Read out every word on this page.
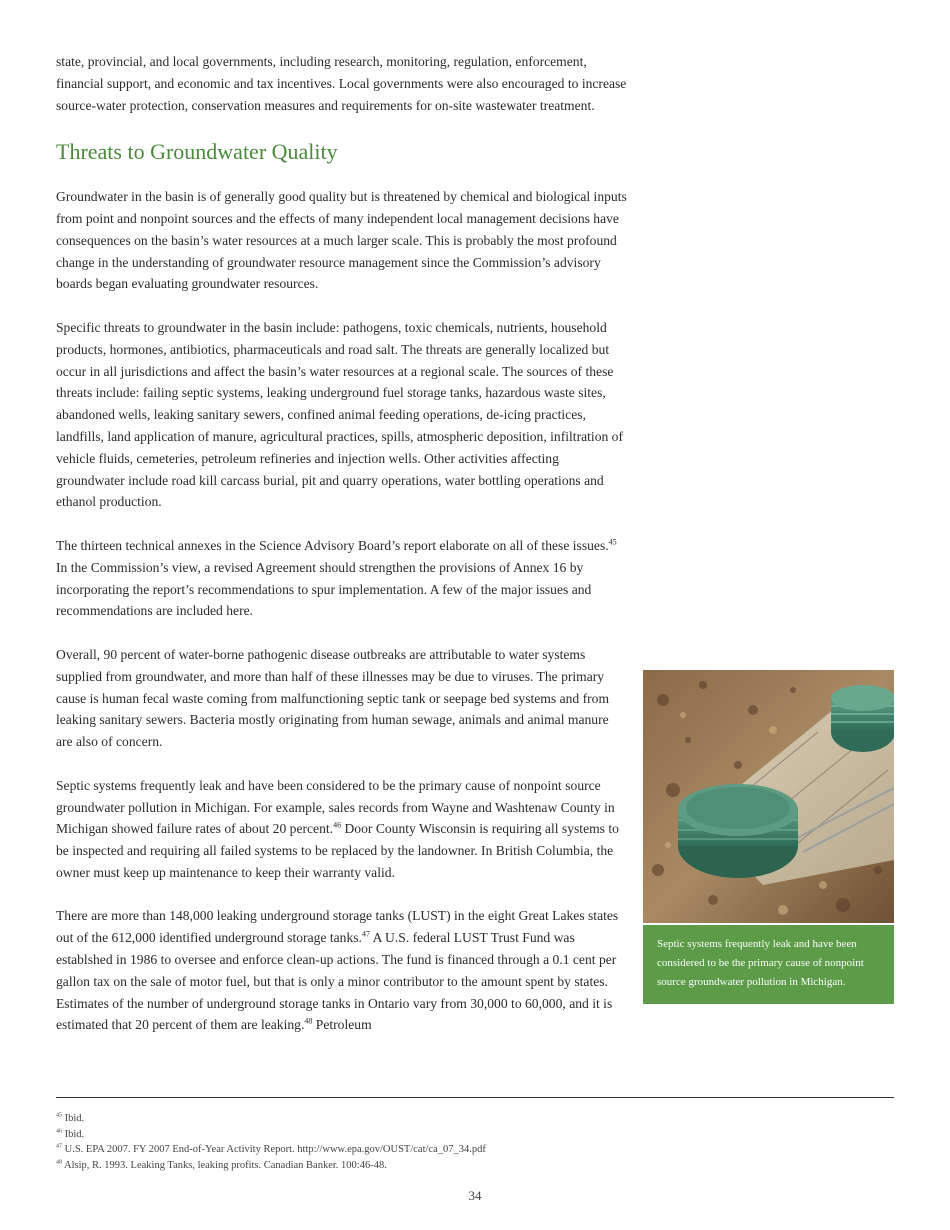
state, provincial, and local governments, including research, monitoring, regulation, enforcement, financial support, and economic and tax incentives. Local governments were also encouraged to increase source-water protection, conservation measures and requirements for on-site wastewater treatment.

Threats to Groundwater Quality

Groundwater in the basin is of generally good quality but is threatened by chemical and biological inputs from point and nonpoint sources and the effects of many independent local management decisions have consequences on the basin’s water resources at a much larger scale. This is probably the most profound change in the understanding of groundwater resource management since the Commission’s advisory boards began evaluating groundwater resources.

Specific threats to groundwater in the basin include: pathogens, toxic chemicals, nutrients, household products, hormones, antibiotics, pharmaceuticals and road salt. The threats are generally localized but occur in all jurisdictions and affect the basin’s water resources at a regional scale. The sources of these threats include: failing septic systems, leaking underground fuel storage tanks, hazardous waste sites, abandoned wells, leaking sanitary sewers, confined animal feeding operations, de-icing practices, landfills, land application of manure, agricultural practices, spills, atmospheric deposition, infiltration of vehicle fluids, cemeteries, petroleum refineries and injection wells. Other activities affecting groundwater include road kill carcass burial, pit and quarry operations, water bottling operations and ethanol production.

The thirteen technical annexes in the Science Advisory Board’s report elaborate on all of these issues.$^{45}$ In the Commission’s view, a revised Agreement should strengthen the provisions of Annex 16 by incorporating the report’s recommendations to spur implementation. A few of the major issues and recommendations are included here.

Overall, 90 percent of water-borne pathogenic disease outbreaks are attributable to water systems supplied from groundwater, and more than half of these illnesses may be due to viruses. The primary cause is human fecal waste coming from malfunctioning septic tank or seepage bed systems and from leaking sanitary sewers. Bacteria mostly originating from human sewage, animals and animal manure are also of concern.

Septic systems frequently leak and have been considered to be the primary cause of nonpoint source groundwater pollution in Michigan. For example, sales records from Wayne and Washtenaw County in Michigan showed failure rates of about 20 percent.$^{46}$ Door County Wisconsin is requiring all systems to be inspected and requiring all failed systems to be replaced by the landowner. In British Columbia, the owner must keep up maintenance to keep their warranty valid.

There are more than 148,000 leaking underground storage tanks (LUST) in the eight Great Lakes states out of the 612,000 identified underground storage tanks.$^{47}$ A U.S. federal LUST Trust Fund was establshed in 1986 to oversee and enforce clean-up actions. The fund is financed through a 0.1 cent per gallon tax on the sale of motor fuel, but that is only a minor contributor to the amount spent by states. Estimates of the number of underground storage tanks in Ontario vary from 30,000 to 60,000, and it is estimated that 20 percent of them are leaking.$^{48}$ Petroleum

Septic systems frequently leak and have been considered to be the primary cause of nonpoint source groundwater pollution in Michigan.
$^{45}$ Ibid.
$^{46}$ Ibid.
$^{47}$ U.S. EPA 2007. FY 2007 End-of-Year Activity Report. http://www.epa.gov/OUST/cat/ca_07_34.pdf
$^{48}$ Alsip, R. 1993. Leaking Tanks, leaking profits. Canadian Banker. 100:46-48.
34
